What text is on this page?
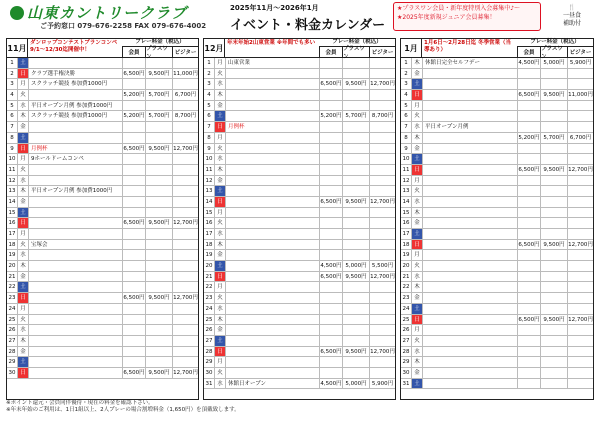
山東カントリークラブ
ご予約窓口 079-676-2258 FAX 079-676-4002
2025年11月～2026年1月
イベント・料金カレンダー
★プラスワン会員・新年度特別入会募集中♪～
★2025年度新規ジュニア会員募集！
🍴
一昼食
補助付
11月
ダンロップコンテストプランコンペ 9/1～12/30迄開催中！
プレー料金（税込）
会員
プラスワン
ビジター
1	土
2	日 クラブ選手権決勝	6,500円 9,500円 11,000円
3	月 スクラッチ競技 参加費1000円
4	火	5,200円 5,700円 6,700円
5	水 平日オープン月例 参加費1000円
6	木 スクラッチ競技 参加費1000円	5,200円 5,700円 8,700円
7	金
8	土
9	日 月例杯	6,500円 9,500円 12,700円
10 月 9ホールドームコンペ
11 火
12 水
13 木 平日オープン月例 参加費1000円
14 金
15 土
16 日	6,500円 9,500円 12,700円
17 月
18 火 宝塚会
19 水
20 木
21 金
22 土
23 日	6,500円 9,500円 12,700円
24 月
25 火
26 水
27 木
28 金
29 土
30 日	6,500円 9,500円 12,700円
12月
年末年始2山東営業 ※年間でも多い	プレー料金（税込）
会員
プラスワン
ビジター
1	月 山東営業
2	火
3	水	6,500円 9,500円 12,700円
4	木
5	金
6	土	5,200円 5,700円 8,700円
7	日 月例杯
8	月
9	火
10 水
11 木
12 金
13 土
14 日	6,500円 9,500円 12,700円
15 月
16 火
17 水
18 木
19 金
20 土	4,500円 5,000円 5,500円
21 日	6,500円 9,500円 12,700円
22 月
23 火
24 水
25 木
26 金
27 土
28 日	6,500円 9,500円 12,700円
29 月
30 火
31 水 休館日オープン	4,500円 5,000円 5,900円
1月
1月6日～2月28日迄 冬季営業（当導あり）
プレー料金（税込）
会員
プラスワン
ビジター
1	木 休館日完全セルフデー	4,500円 5,000円 5,900円
2	金
3	土
4	日	6,500円 9,500円 11,000円
5	月
6	火
7	水 平日オープン月例
8	木	5,200円 5,700円 6,700円
9	金
10 土
11 日	6,500円 9,500円 12,700円
12 月
13 火
14 水
15 木
16 金
17 土
18 日	6,500円 9,500円 12,700円
19 月
20 火
21 水
22 木
23 金
24 土
25 日	6,500円 9,500円 12,700円
26 月
27 火
28 水
29 木
30 金
31 土
※ポイント還元・会員同伴優待・現在の料金を確認下さい。
※年末年始のご利用は、1日1組以上、2人プレーの場合割増料金（1,650円）を頂戴致します。
